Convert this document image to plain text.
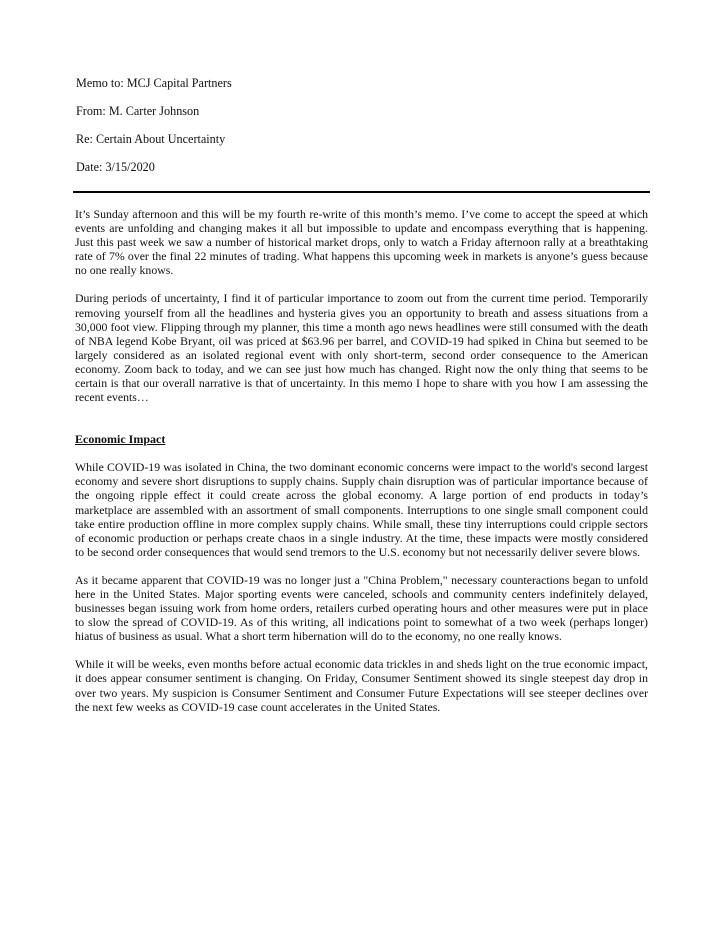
Memo to: MCJ Capital Partners

From: M. Carter Johnson

Re: Certain About Uncertainty

Date: 3/15/2020

It’s Sunday afternoon and this will be my fourth re-write of this month’s memo. I’ve come to accept the speed at which events are unfolding and changing makes it all but impossible to update and encompass everything that is happening. Just this past week we saw a number of historical market drops, only to watch a Friday afternoon rally at a breathtaking rate of 7% over the final 22 minutes of trading. What happens this upcoming week in markets is anyone’s guess because no one really knows.

During periods of uncertainty, I find it of particular importance to zoom out from the current time period. Temporarily removing yourself from all the headlines and hysteria gives you an opportunity to breath and assess situations from a 30,000 foot view. Flipping through my planner, this time a month ago news headlines were still consumed with the death of NBA legend Kobe Bryant, oil was priced at $63.96 per barrel, and COVID-19 had spiked in China but seemed to be largely considered as an isolated regional event with only short-term, second order consequence to the American economy. Zoom back to today, and we can see just how much has changed. Right now the only thing that seems to be certain is that our overall narrative is that of uncertainty. In this memo I hope to share with you how I am assessing the recent events…

Economic Impact

While COVID-19 was isolated in China, the two dominant economic concerns were impact to the world's second largest economy and severe short disruptions to supply chains. Supply chain disruption was of particular importance because of the ongoing ripple effect it could create across the global economy. A large portion of end products in today’s marketplace are assembled with an assortment of small components. Interruptions to one single small component could take entire production offline in more complex supply chains. While small, these tiny interruptions could cripple sectors of economic production or perhaps create chaos in a single industry. At the time, these impacts were mostly considered to be second order consequences that would send tremors to the U.S. economy but not necessarily deliver severe blows.

As it became apparent that COVID-19 was no longer just a "China Problem," necessary counteractions began to unfold here in the United States. Major sporting events were canceled, schools and community centers indefinitely delayed, businesses began issuing work from home orders, retailers curbed operating hours and other measures were put in place to slow the spread of COVID-19. As of this writing, all indications point to somewhat of a two week (perhaps longer) hiatus of business as usual. What a short term hibernation will do to the economy, no one really knows.

While it will be weeks, even months before actual economic data trickles in and sheds light on the true economic impact, it does appear consumer sentiment is changing. On Friday, Consumer Sentiment showed its single steepest day drop in over two years. My suspicion is Consumer Sentiment and Consumer Future Expectations will see steeper declines over the next few weeks as COVID-19 case count accelerates in the United States.
